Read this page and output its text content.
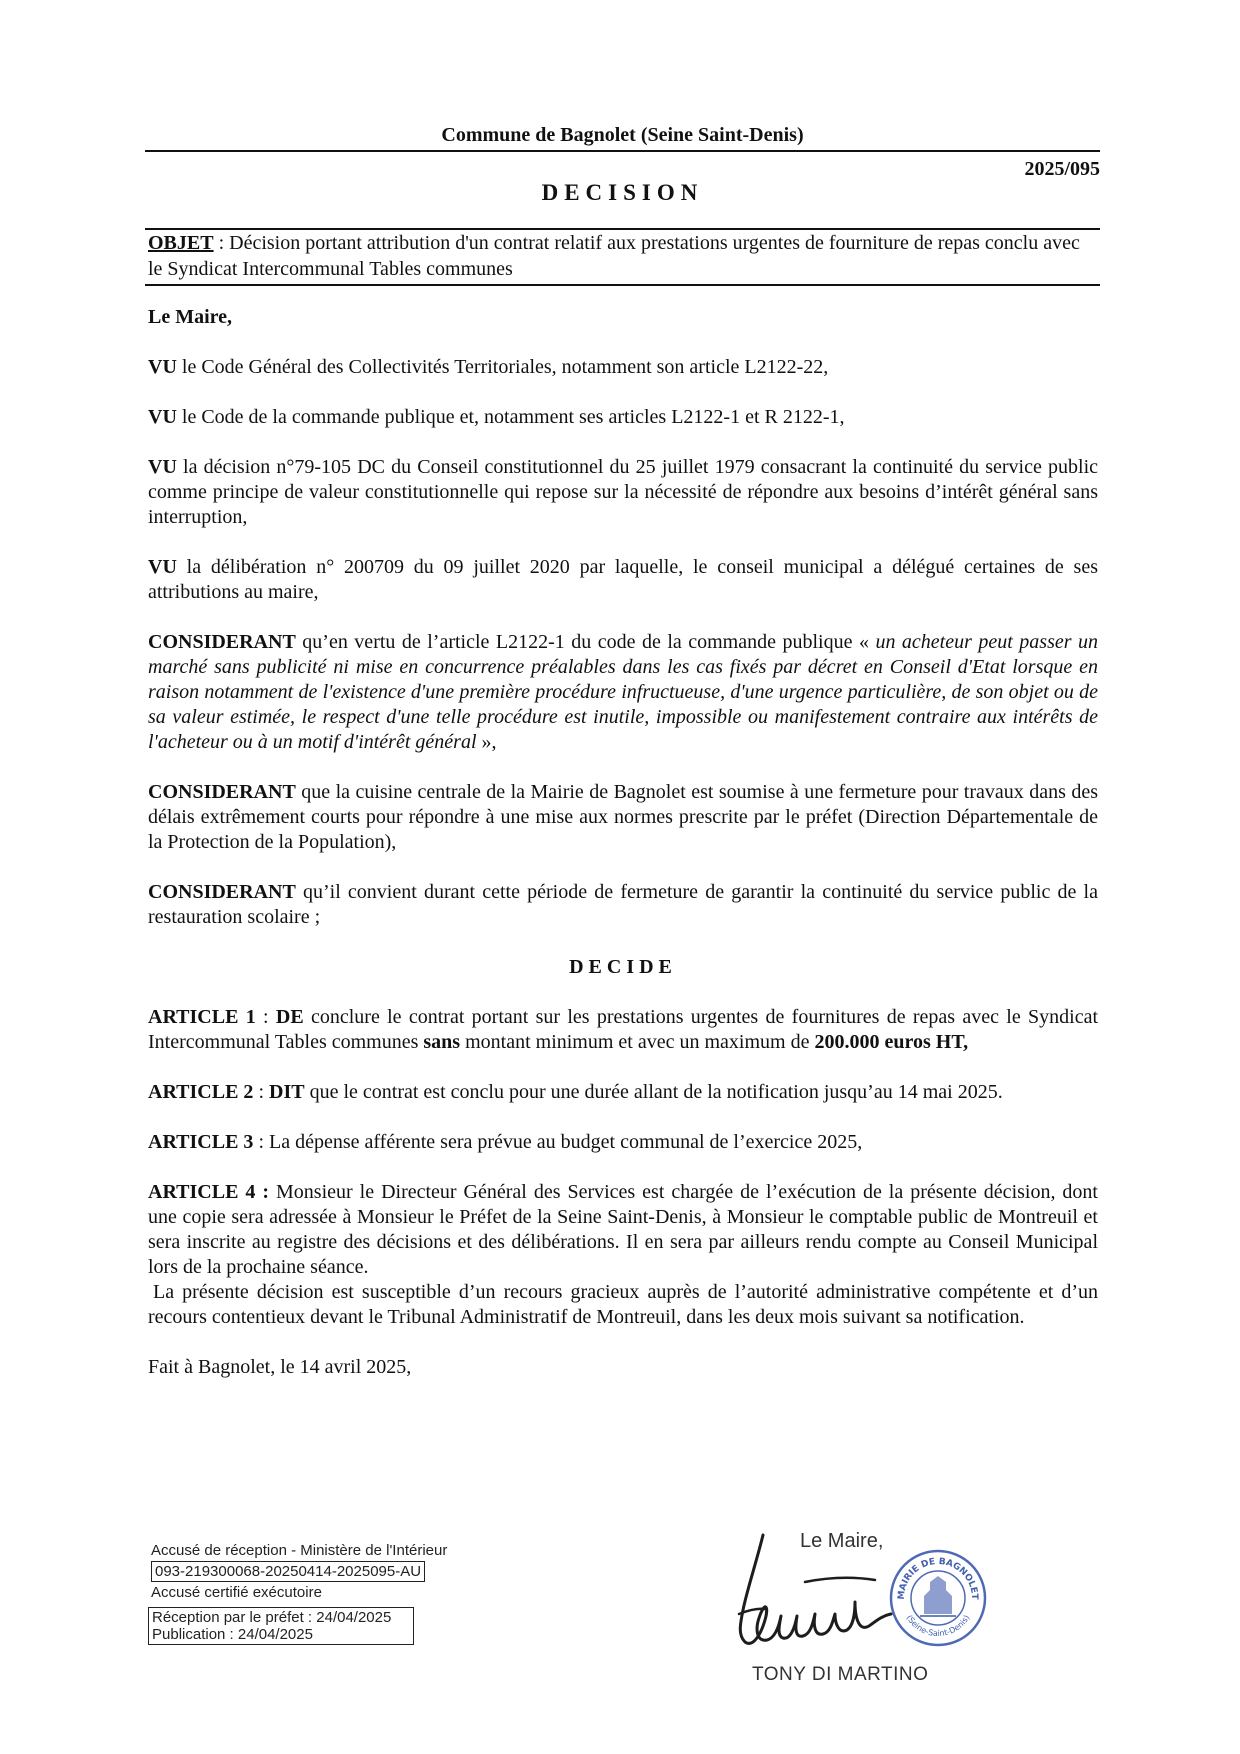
Commune de Bagnolet (Seine Saint-Denis)
2025/095
DECISION
OBJET : Décision portant attribution d'un contrat relatif aux prestations urgentes de fourniture de repas conclu avec le Syndicat Intercommunal Tables communes

Le Maire,

VU le Code Général des Collectivités Territoriales, notamment son article L2122-22,

VU le Code de la commande publique et, notamment ses articles L2122-1 et R 2122-1,

VU la décision n°79-105 DC du Conseil constitutionnel du 25 juillet 1979 consacrant la continuité du service public comme principe de valeur constitutionnelle qui repose sur la nécessité de répondre aux besoins d’intérêt général sans interruption,

VU la délibération n° 200709 du 09 juillet 2020 par laquelle, le conseil municipal a délégué certaines de ses attributions au maire,

CONSIDERANT qu’en vertu de l’article L2122-1 du code de la commande publique « un acheteur peut passer un marché sans publicité ni mise en concurrence préalables dans les cas fixés par décret en Conseil d'Etat lorsque en raison notamment de l'existence d'une première procédure infructueuse, d'une urgence particulière, de son objet ou de sa valeur estimée, le respect d'une telle procédure est inutile, impossible ou manifestement contraire aux intérêts de l'acheteur ou à un motif d'intérêt général »,

CONSIDERANT que la cuisine centrale de la Mairie de Bagnolet est soumise à une fermeture pour travaux dans des délais extrêmement courts pour répondre à une mise aux normes prescrite par le préfet (Direction Départementale de la Protection de la Population),

CONSIDERANT qu’il convient durant cette période de fermeture de garantir la continuité du service public de la restauration scolaire ;

DECIDE

ARTICLE 1 : DE conclure le contrat portant sur les prestations urgentes de fournitures de repas avec le Syndicat Intercommunal Tables communes sans montant minimum et avec un maximum de 200.000 euros HT,

ARTICLE 2 : DIT que le contrat est conclu pour une durée allant de la notification jusqu’au 14 mai 2025.

ARTICLE 3 : La dépense afférente sera prévue au budget communal de l’exercice 2025,

ARTICLE 4 : Monsieur le Directeur Général des Services est chargée de l’exécution de la présente décision, dont une copie sera adressée à Monsieur le Préfet de la Seine Saint-Denis, à Monsieur le comptable public de Montreuil et sera inscrite au registre des décisions et des délibérations. Il en sera par ailleurs rendu compte au Conseil Municipal lors de la prochaine séance.

La présente décision est susceptible d’un recours gracieux auprès de l’autorité administrative compétente et d’un recours contentieux devant le Tribunal Administratif de Montreuil, dans les deux mois suivant sa notification.

Fait à Bagnolet, le 14 avril 2025,

Accusé de réception - Ministère de l'Intérieur
093-219300068-20250414-2025095-AU
Accusé certifié exécutoire
Réception par le préfet : 24/04/2025
Publication : 24/04/2025
Le Maire,
MAIRIE DE BAGNOLET
(Seine-Saint-Denis)
TONY DI MARTINO
